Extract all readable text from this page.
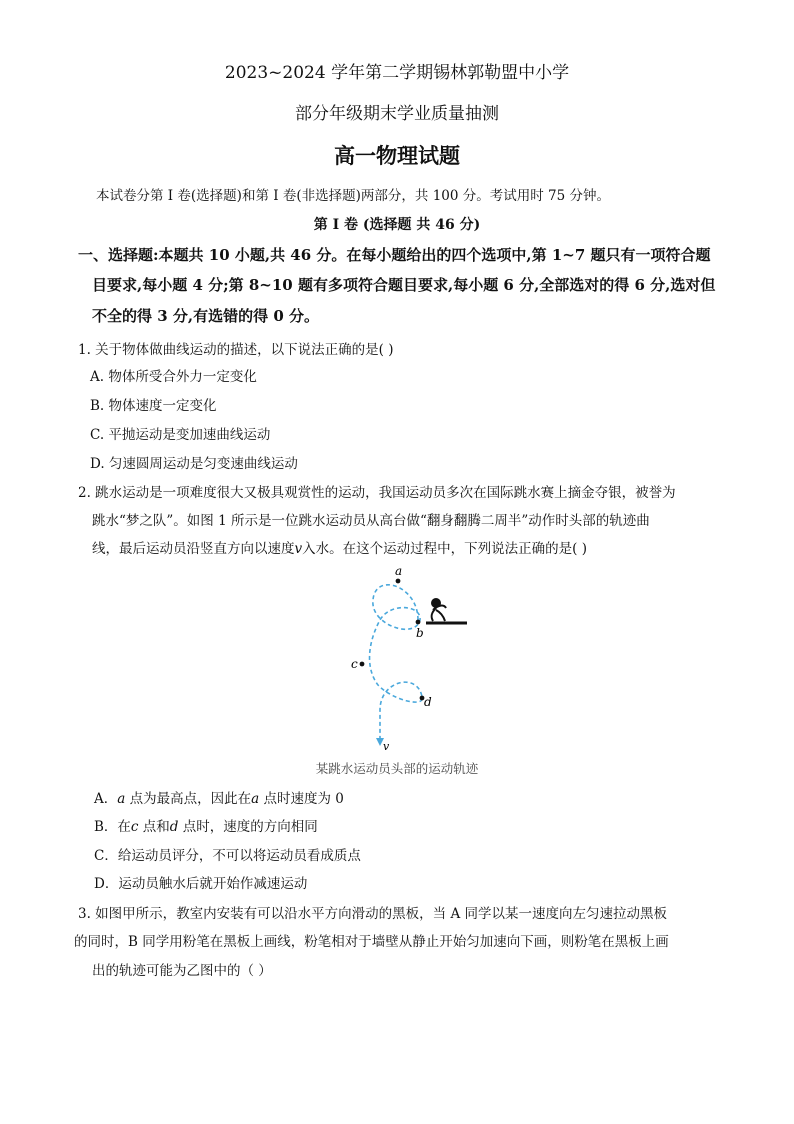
2023~2024 学年第二学期锡林郭勒盟中小学
部分年级期末学业质量抽测
高一物理试题
本试卷分第 I 卷(选择题)和第 I 卷(非选择题)两部分，共 100 分。考试用时 75 分钟。
第 I 卷 (选择题 共 46 分)
一、选择题:本题共 10 小题,共 46 分。在每小题给出的四个选项中,第 1~7 题只有一项符合题
目要求,每小题 4 分;第 8~10 题有多项符合题目要求,每小题 6 分,全部选对的得 6 分,选对但
不全的得 3 分,有选错的得 0 分。
1. 关于物体做曲线运动的描述，以下说法正确的是( )
A. 物体所受合外力一定变化
B. 物体速度一定变化
C. 平抛运动是变加速曲线运动
D. 匀速圆周运动是匀变速曲线运动
2. 跳水运动是一项难度很大又极具观赏性的运动，我国运动员多次在国际跳水赛上摘金夺银，被誉为
跳水“梦之队”。如图 1 所示是一位跳水运动员从高台做“翻身翻腾二周半”动作时头部的轨迹曲
线，最后运动员沿竖直方向以速度v入水。在这个运动过程中，下列说法正确的是( )
a
b
c
d
v
某跳水运动员头部的运动轨迹
A．a 点为最高点，因此在a 点时速度为 0
B．在c 点和d 点时，速度的方向相同
C．给运动员评分，不可以将运动员看成质点
D．运动员触水后就开始作减速运动
3. 如图甲所示，教室内安装有可以沿水平方向滑动的黑板，当 A 同学以某一速度向左匀速拉动黑板
的同时，B 同学用粉笔在黑板上画线，粉笔相对于墙壁从静止开始匀加速向下画，则粉笔在黑板上画
出的轨迹可能为乙图中的（ ）
